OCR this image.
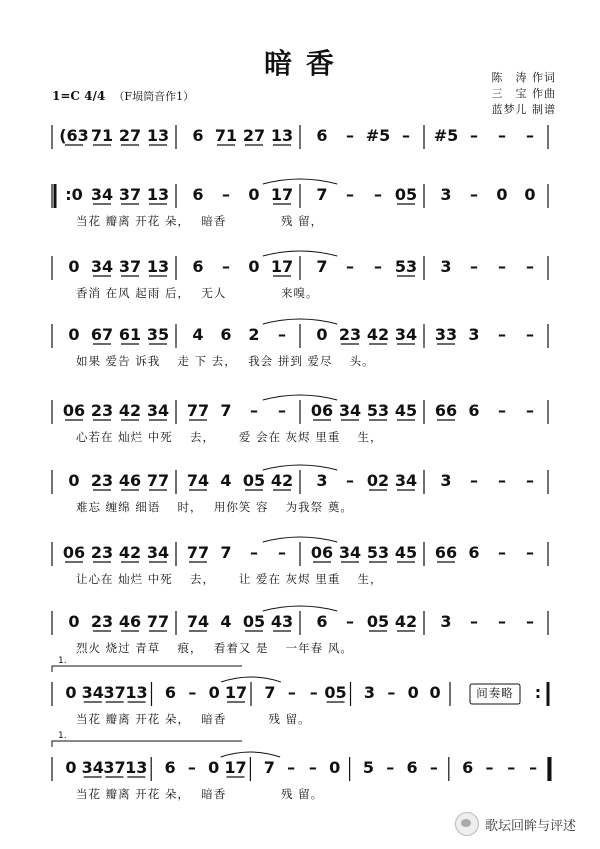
暗 香
1=C 4/4 （F埙筒音作1）
陈　涛 作词
三　宝 作曲
蓝梦儿 制谱
(63 71 27 13 6 71 27 13 6 – #5 – #5 – – –
:0 34 37 13 6 – 0 17 7 – – 05 3 – 0 0
当花 瓣离 开花 朵，　 暗香　　　　 残 留，
0 34 37 13 6 – 0 17 7 – – 53 3 – – –
香消 在风 起雨 后，　 无人　　　　 来嗅。
0 67 61 35 4 6 2 – 0 23 42 34 33 3 – –
如果 爱告 诉我　 走 下 去，　 我会 拼到 爱尽　 头。
06 23 42 34 77 7 – – 06 34 53 45 66 6 – –
心若在 灿烂 中死　 去，　　 爱 会在 灰烬 里重　 生，
0 23 46 77 74 4 05 42 3 – 02 34 3 – – –
难忘 缠绵 细语　 时，　 用你笑 容　 为我祭 奠。
06 23 42 34 77 7 – – 06 34 53 45 66 6 – –
让心在 灿烂 中死　 去，　　 让 爱在 灰烬 里重　 生，
0 23 46 77 74 4 05 43 6 – 05 42 3 – – –
烈火 烧过 青草　 痕，　 看着又 是　 一年春 风。
0 34 37 13 6 – 0 17 7 – – 05 3 – 0 0	间奏略 :
1.
当花 瓣离 开花 朵，　 暗香　　　 残 留。
0 34 37 13 6 – 0 17 7 – – 0 5 – 6 – 6 – – –
1.
当花 瓣离 开花 朵，　 暗香　　　　 残 留。
歌坛回眸与评述
